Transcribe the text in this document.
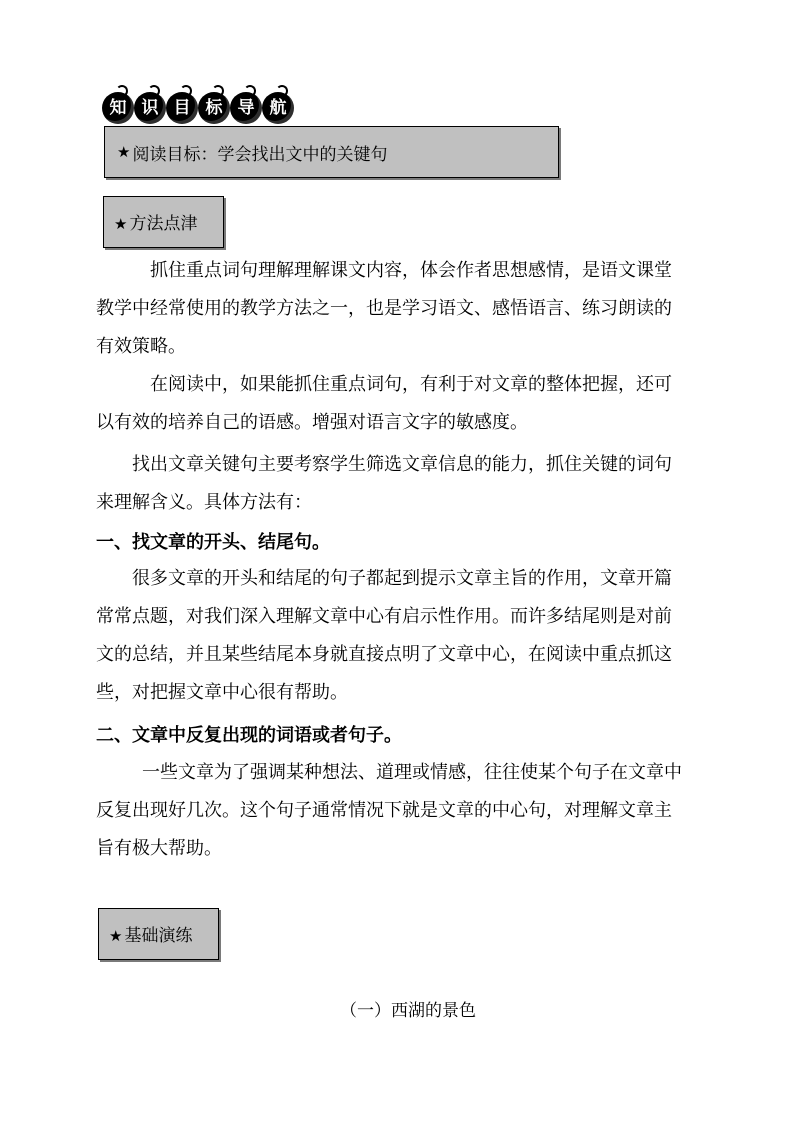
知 识 目 标 导 航
★ 阅读目标：学会找出文中的关键句
★ 方法点津
抓住重点词句理解理解课文内容，体会作者思想感情，是语文课堂
教学中经常使用的教学方法之一，也是学习语文、感悟语言、练习朗读的
有效策略。
在阅读中，如果能抓住重点词句，有利于对文章的整体把握，还可
以有效的培养自己的语感。增强对语言文字的敏感度。
找出文章关键句主要考察学生筛选文章信息的能力，抓住关键的词句
来理解含义。具体方法有：
一、找文章的开头、结尾句。
很多文章的开头和结尾的句子都起到提示文章主旨的作用，文章开篇
常常点题，对我们深入理解文章中心有启示性作用。而许多结尾则是对前
文的总结，并且某些结尾本身就直接点明了文章中心，在阅读中重点抓这
些，对把握文章中心很有帮助。
二、文章中反复出现的词语或者句子。
一些文章为了强调某种想法、道理或情感，往往使某个句子在文章中
反复出现好几次。这个句子通常情况下就是文章的中心句，对理解文章主
旨有极大帮助。
★ 基础演练
（一）西湖的景色
